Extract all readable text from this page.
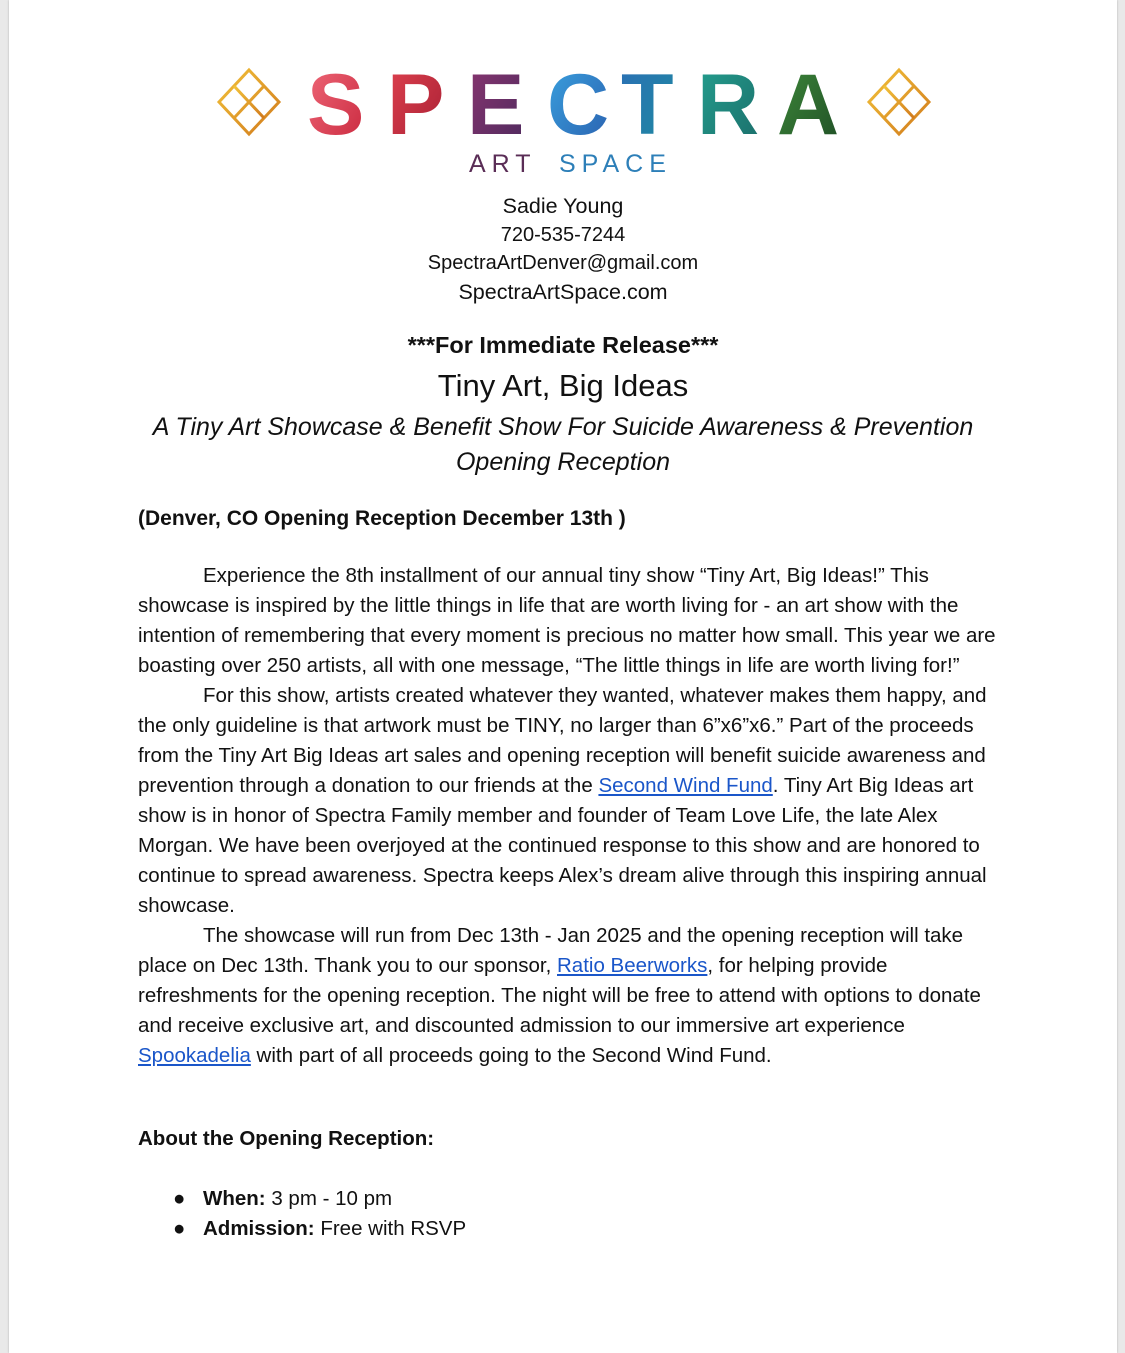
S P E C T R A
ART SPACE
Sadie Young
720-535-7244
SpectraArtDenver@gmail.com
SpectraArtSpace.com
***For Immediate Release***
Tiny Art, Big Ideas
A Tiny Art Showcase & Benefit Show For Suicide Awareness & Prevention
Opening Reception
(Denver, CO Opening Reception December 13th )

Experience the 8th installment of our annual tiny show “Tiny Art, Big Ideas!” This showcase is inspired by the little things in life that are worth living for - an art show with the intention of remembering that every moment is precious no matter how small. This year we are boasting over 250 artists, all with one message, “The little things in life are worth living for!”

For this show, artists created whatever they wanted, whatever makes them happy, and the only guideline is that artwork must be TINY, no larger than 6”x6”x6.” Part of the proceeds from the Tiny Art Big Ideas art sales and opening reception will benefit suicide awareness and prevention through a donation to our friends at the Second Wind Fund. Tiny Art Big Ideas art show is in honor of Spectra Family member and founder of Team Love Life, the late Alex Morgan. We have been overjoyed at the continued response to this show and are honored to continue to spread awareness. Spectra keeps Alex’s dream alive through this inspiring annual showcase.

The showcase will run from Dec 13th - Jan 2025 and the opening reception will take place on Dec 13th. Thank you to our sponsor, Ratio Beerworks, for helping provide refreshments for the opening reception. The night will be free to attend with options to donate and receive exclusive art, and discounted admission to our immersive art experience Spookadelia with part of all proceeds going to the Second Wind Fund.

About the Opening Reception:
● When: 3 pm - 10 pm
● Admission: Free with RSVP
